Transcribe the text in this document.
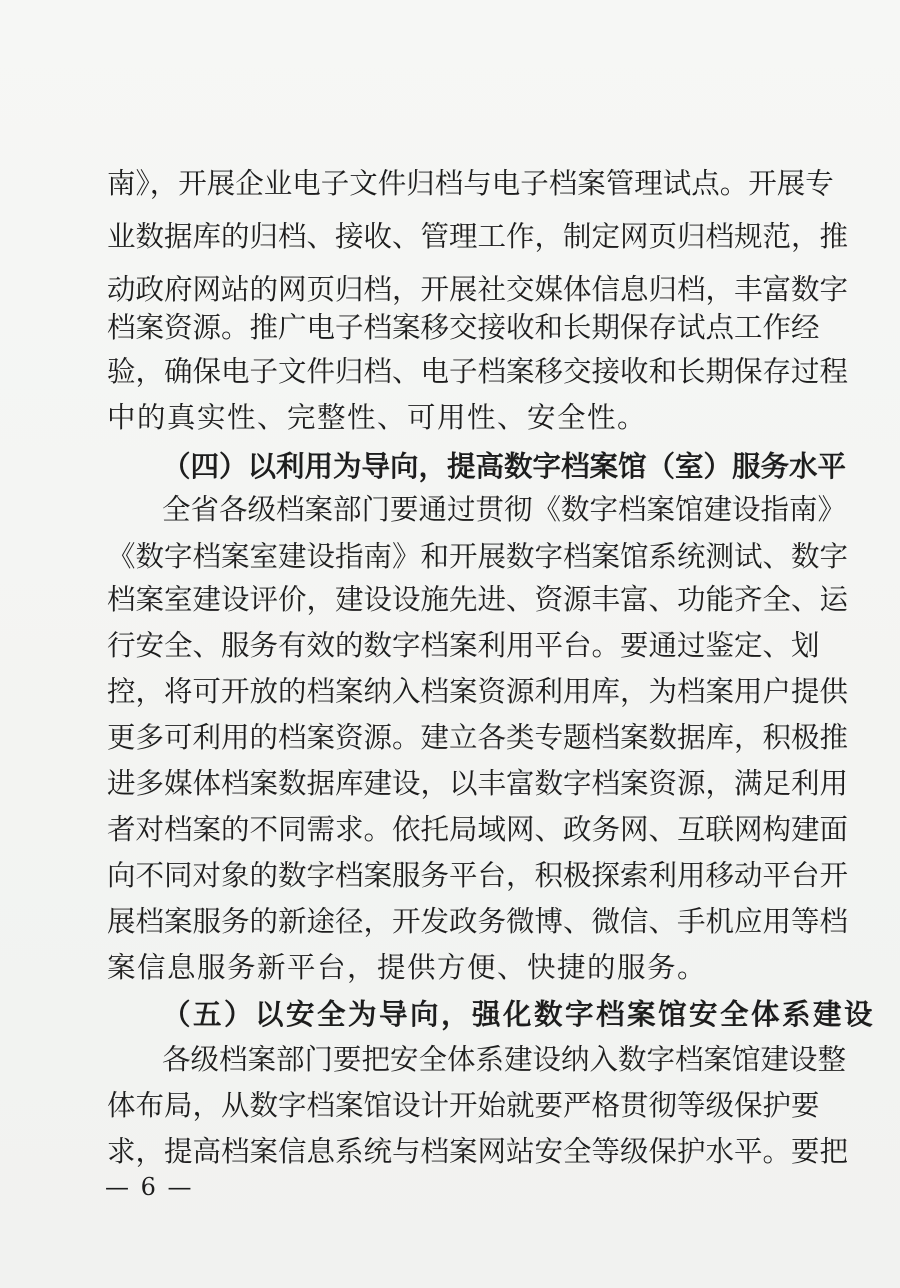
南》，开展企业电子文件归档与电子档案管理试点。开展专
业数据库的归档、接收、管理工作，制定网页归档规范，推
动政府网站的网页归档，开展社交媒体信息归档，丰富数字
档案资源。推广电子档案移交接收和长期保存试点工作经
验，确保电子文件归档、电子档案移交接收和长期保存过程
中的真实性、完整性、可用性、安全性。
（四）以利用为导向，提高数字档案馆（室）服务水平
全省各级档案部门要通过贯彻《数字档案馆建设指南》
《数字档案室建设指南》和开展数字档案馆系统测试、数字
档案室建设评价，建设设施先进、资源丰富、功能齐全、运
行安全、服务有效的数字档案利用平台。要通过鉴定、划
控，将可开放的档案纳入档案资源利用库，为档案用户提供
更多可利用的档案资源。建立各类专题档案数据库，积极推
进多媒体档案数据库建设，以丰富数字档案资源，满足利用
者对档案的不同需求。依托局域网、政务网、互联网构建面
向不同对象的数字档案服务平台，积极探索利用移动平台开
展档案服务的新途径，开发政务微博、微信、手机应用等档
案信息服务新平台，提供方便、快捷的服务。
（五）以安全为导向，强化数字档案馆安全体系建设
各级档案部门要把安全体系建设纳入数字档案馆建设整
体布局，从数字档案馆设计开始就要严格贯彻等级保护要
求，提高档案信息系统与档案网站安全等级保护水平。要把
— 6 —
